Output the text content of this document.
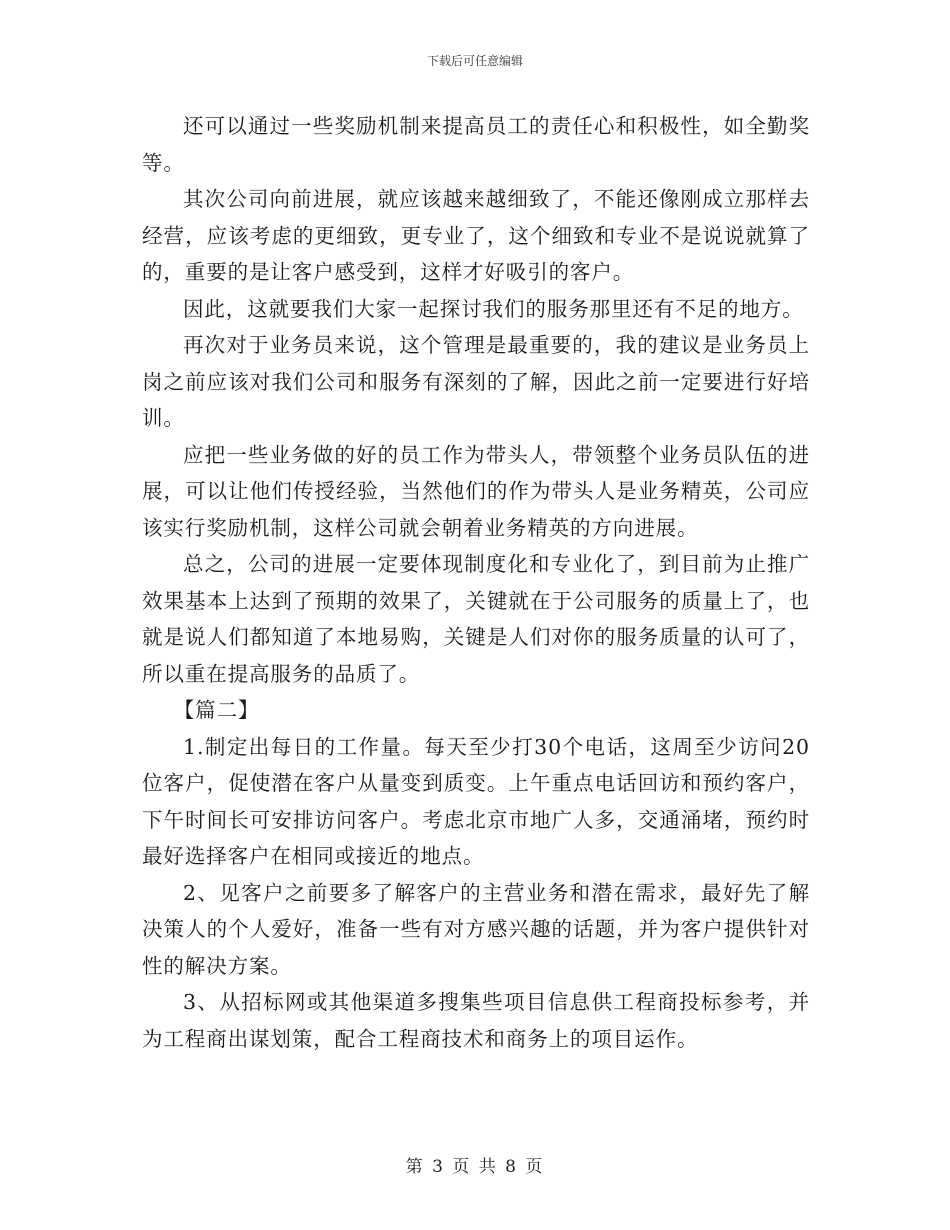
下载后可任意编辑

还可以通过一些奖励机制来提高员工的责任心和积极性，如全勤奖等。

其次公司向前进展，就应该越来越细致了，不能还像刚成立那样去经营，应该考虑的更细致，更专业了，这个细致和专业不是说说就算了的，重要的是让客户感受到，这样才好吸引的客户。

因此，这就要我们大家一起探讨我们的服务那里还有不足的地方。

再次对于业务员来说，这个管理是最重要的，我的建议是业务员上岗之前应该对我们公司和服务有深刻的了解，因此之前一定要进行好培训。

应把一些业务做的好的员工作为带头人，带领整个业务员队伍的进展，可以让他们传授经验，当然他们的作为带头人是业务精英，公司应该实行奖励机制，这样公司就会朝着业务精英的方向进展。

总之，公司的进展一定要体现制度化和专业化了，到目前为止推广效果基本上达到了预期的效果了，关键就在于公司服务的质量上了，也就是说人们都知道了本地易购，关键是人们对你的服务质量的认可了，所以重在提高服务的品质了。

【篇二】

1.制定出每日的工作量。每天至少打30个电话，这周至少访问20位客户，促使潜在客户从量变到质变。上午重点电话回访和预约客户，下午时间长可安排访问客户。考虑北京市地广人多，交通涌堵，预约时最好选择客户在相同或接近的地点。

2、见客户之前要多了解客户的主营业务和潜在需求，最好先了解决策人的个人爱好，准备一些有对方感兴趣的话题，并为客户提供针对性的解决方案。

3、从招标网或其他渠道多搜集些项目信息供工程商投标参考，并为工程商出谋划策，配合工程商技术和商务上的项目运作。

第 3 页 共 8 页
